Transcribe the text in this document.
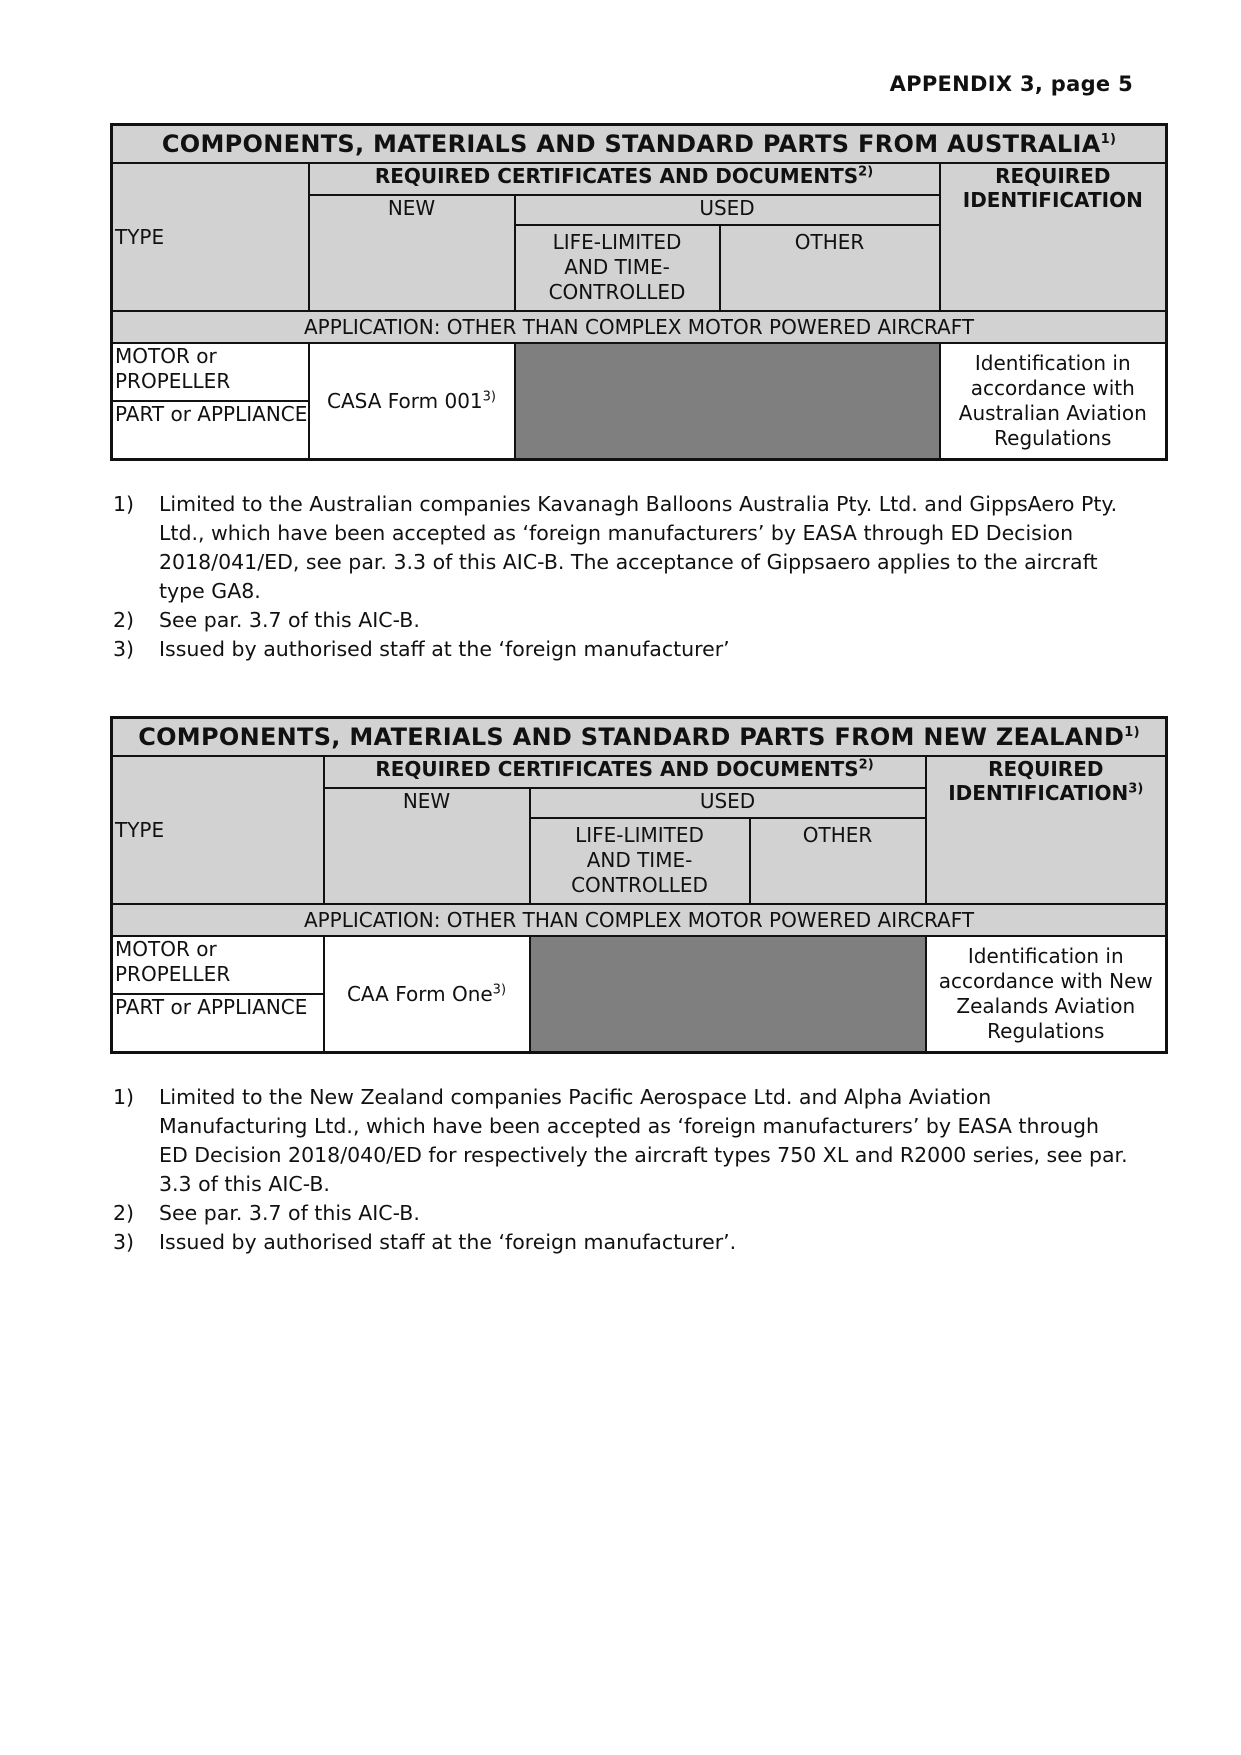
APPENDIX 3, page 5
COMPONENTS, MATERIALS AND STANDARD PARTS FROM AUSTRALIA$^{1)}$
TYPE	REQUIRED CERTIFICATES AND DOCUMENTS$^{2)}$			REQUIRED IDENTIFICATION
	NEW	USED		
		LIFE-LIMITED AND TIME-CONTROLLED	OTHER	
APPLICATION: OTHER THAN COMPLEX MOTOR POWERED AIRCRAFT				
MOTOR or PROPELLER	CASA Form 001$^{3)}$			Identification in accordance with Australian Aviation Regulations
PART or APPLIANCE				
1)	Limited to the Australian companies Kavanagh Balloons Australia Pty. Ltd. and GippsAero Pty. Ltd., which have been accepted as ‘foreign manufacturers’ by EASA through ED Decision 2018/041/ED, see par. 3.3 of this AIC-B. The acceptance of Gippsaero applies to the aircraft type GA8.
2)	See par. 3.7 of this AIC-B.
3)	Issued by authorised staff at the ‘foreign manufacturer’
COMPONENTS, MATERIALS AND STANDARD PARTS FROM NEW ZEALAND$^{1)}$
TYPE	REQUIRED CERTIFICATES AND DOCUMENTS$^{2)}$			REQUIRED IDENTIFICATION$^{3)}$
	NEW	USED		
		LIFE-LIMITED AND TIME-CONTROLLED	OTHER	
APPLICATION: OTHER THAN COMPLEX MOTOR POWERED AIRCRAFT				
MOTOR or PROPELLER	CAA Form One$^{3)}$			Identification in accordance with New Zealands Aviation Regulations
PART or APPLIANCE				
1)	Limited to the New Zealand companies Pacific Aerospace Ltd. and Alpha Aviation Manufacturing Ltd., which have been accepted as ‘foreign manufacturers’ by EASA through ED Decision 2018/040/ED for respectively the aircraft types 750 XL and R2000 series, see par. 3.3 of this AIC-B.
2)	See par. 3.7 of this AIC-B.
3)	Issued by authorised staff at the ‘foreign manufacturer’.
